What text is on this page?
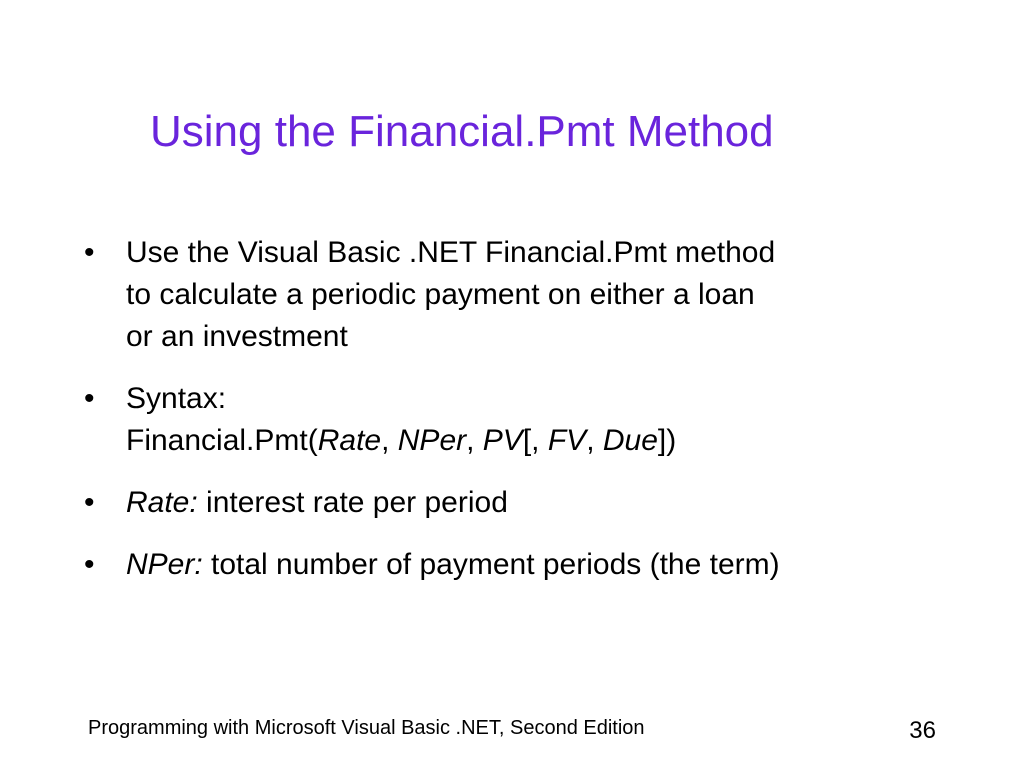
Using the Financial.Pmt Method
•	Use the Visual Basic .NET Financial.Pmt method
to calculate a periodic payment on either a loan
or an investment
•	Syntax:
Financial.Pmt(Rate, NPer, PV[, FV, Due])
•	Rate: interest rate per period
•	NPer: total number of payment periods (the term)
Programming with Microsoft Visual Basic .NET, Second Edition	36
